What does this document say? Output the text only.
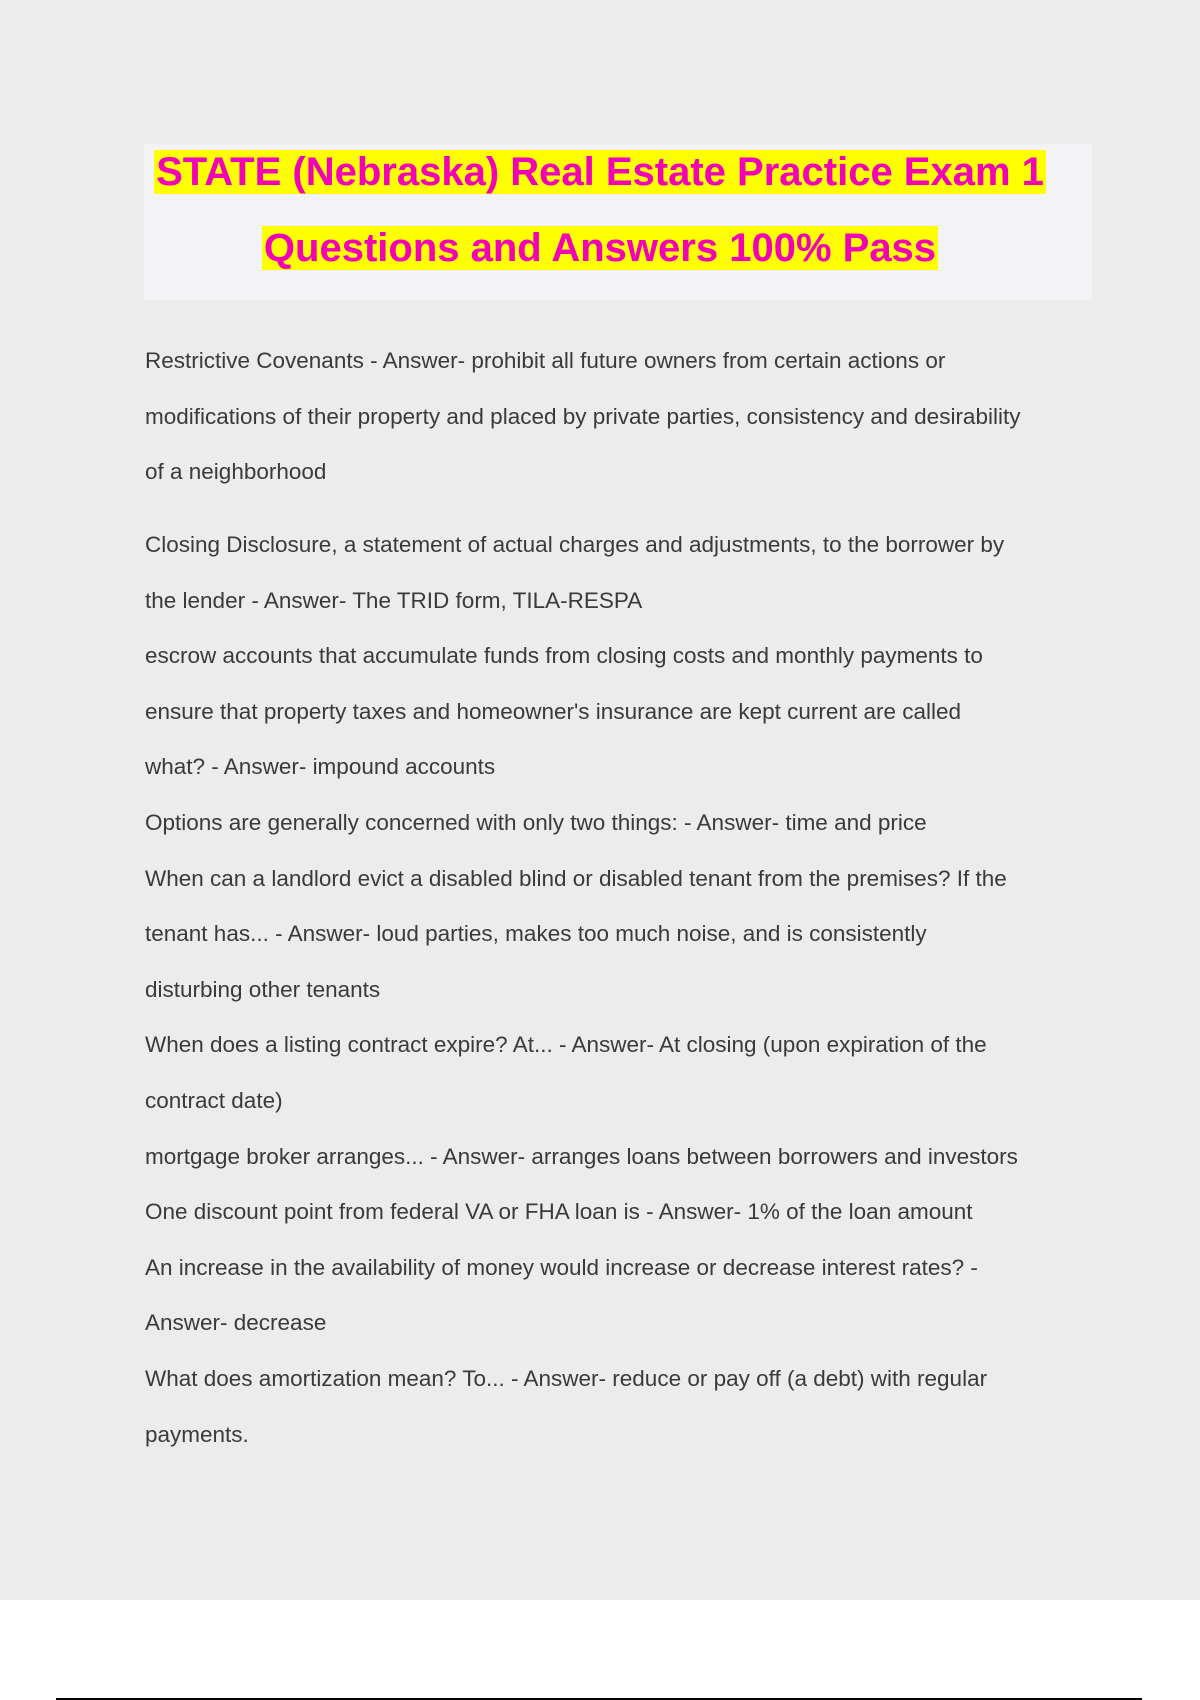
STATE (Nebraska) Real Estate Practice Exam 1
Questions and Answers 100% Pass
Restrictive Covenants - Answer- prohibit all future owners from certain actions or
modifications of their property and placed by private parties, consistency and desirability
of a neighborhood
Closing Disclosure, a statement of actual charges and adjustments, to the borrower by
the lender - Answer- The TRID form, TILA-RESPA
escrow accounts that accumulate funds from closing costs and monthly payments to
ensure that property taxes and homeowner's insurance are kept current are called
what? - Answer- impound accounts
Options are generally concerned with only two things: - Answer- time and price
When can a landlord evict a disabled blind or disabled tenant from the premises? If the
tenant has... - Answer- loud parties, makes too much noise, and is consistently
disturbing other tenants
When does a listing contract expire? At... - Answer- At closing (upon expiration of the
contract date)
mortgage broker arranges... - Answer- arranges loans between borrowers and investors
One discount point from federal VA or FHA loan is - Answer- 1% of the loan amount
An increase in the availability of money would increase or decrease interest rates? -
Answer- decrease
What does amortization mean? To... - Answer- reduce or pay off (a debt) with regular
payments.
